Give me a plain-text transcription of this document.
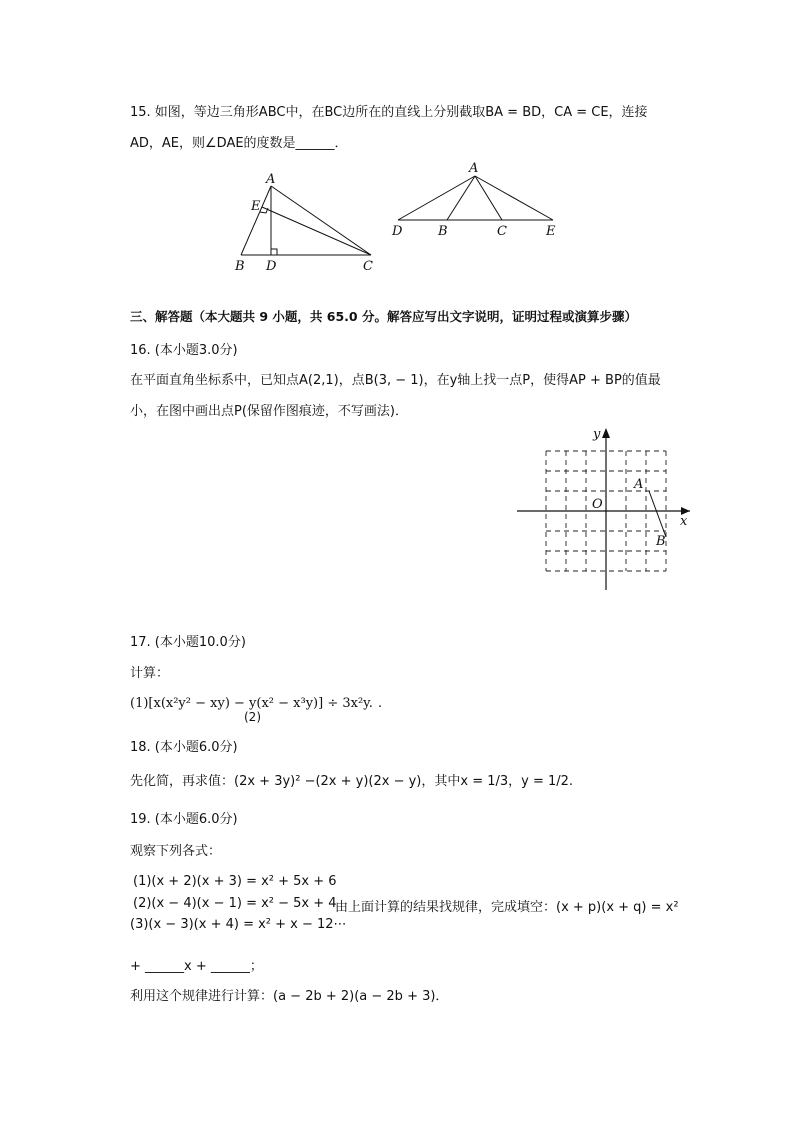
15. 如图，等边三角形ABC中，在BC边所在的直线上分别截取BA = BD，CA = CE，连接
AD，AE，则∠DAE的度数是______．
A
E
B D	C
A
D	B	C	E
三、解答题（本大题共 9 小题，共 65.0 分。解答应写出文字说明，证明过程或演算步骤）
16. (本小题3.0分)
在平面直角坐标系中，已知点A(2,1)，点B(3, − 1)，在y轴上找一点P，使得AP + BP的值最
小，在图中画出点P(保留作图痕迹，不写画法)．
y
x
O
A
B
17. (本小题10.0分)
计算：
(1)[x(x²y² − xy) − y(x² − x³y)] ÷ 3x²y.
(2)
.
18. (本小题6.0分)
先化简，再求值：(2x + 3y)² −(2x + y)(2x − y)，其中x = 1/3，y = 1/2.
19. (本小题6.0分)
观察下列各式：
(1)(x + 2)(x + 3) = x² + 5x + 6
(2)(x − 4)(x − 1) = x² − 5x + 4
由上面计算的结果找规律，完成填空：(x + p)(x + q) = x²
(3)(x − 3)(x + 4) = x² + x − 12⋯
+ ______x + ______；
利用这个规律进行计算：(a − 2b + 2)(a − 2b + 3)．
